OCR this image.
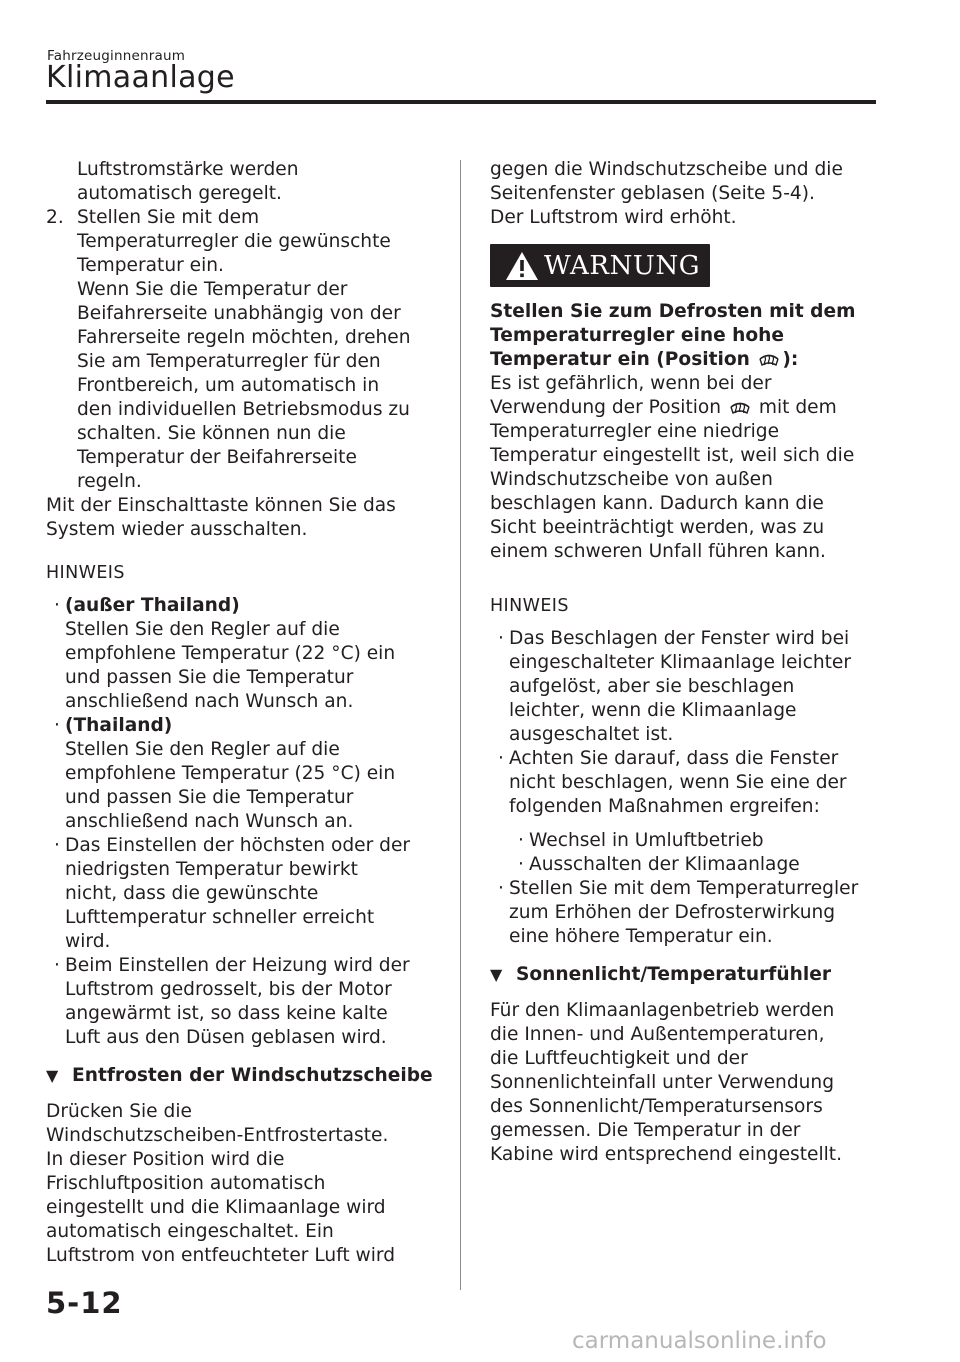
Fahrzeuginnenraum
Klimaanlage

Luftstromstärke werden

automatisch geregelt.

2. Stellen Sie mit dem

Temperaturregler die gewünschte

Temperatur ein.

Wenn Sie die Temperatur der

Beifahrerseite unabhängig von der

Fahrerseite regeln möchten, drehen

Sie am Temperaturregler für den

Frontbereich, um automatisch in

den individuellen Betriebsmodus zu

schalten. Sie können nun die

Temperatur der Beifahrerseite

regeln.

Mit der Einschalttaste können Sie das

System wieder ausschalten.

HINWEIS
· (außer Thailand)

Stellen Sie den Regler auf die

empfohlene Temperatur (22 °C) ein

und passen Sie die Temperatur

anschließend nach Wunsch an.

· (Thailand)

Stellen Sie den Regler auf die

empfohlene Temperatur (25 °C) ein

und passen Sie die Temperatur

anschließend nach Wunsch an.

· Das Einstellen der höchsten oder der

niedrigsten Temperatur bewirkt

nicht, dass die gewünschte

Lufttemperatur schneller erreicht

wird.

· Beim Einstellen der Heizung wird der

Luftstrom gedrosselt, bis der Motor

angewärmt ist, so dass keine kalte

Luft aus den Düsen geblasen wird.

▼ Entfrosten der Windschutzscheibe

Drücken Sie die

Windschutzscheiben-Entfrostertaste.

In dieser Position wird die

Frischluftposition automatisch

eingestellt und die Klimaanlage wird

automatisch eingeschaltet. Ein

Luftstrom von entfeuchteter Luft wird

gegen die Windschutzscheibe und die

Seitenfenster geblasen (Seite 5-4).

Der Luftstrom wird erhöht.

WARNUNG

Stellen Sie zum Defrosten mit dem

Temperaturregler eine hohe

Temperatur ein (Position ):

Es ist gefährlich, wenn bei der

Verwendung der Position  mit dem

Temperaturregler eine niedrige

Temperatur eingestellt ist, weil sich die

Windschutzscheibe von außen

beschlagen kann. Dadurch kann die

Sicht beeinträchtigt werden, was zu

einem schweren Unfall führen kann.

HINWEIS
· Das Beschlagen der Fenster wird bei

eingeschalteter Klimaanlage leichter

aufgelöst, aber sie beschlagen

leichter, wenn die Klimaanlage

ausgeschaltet ist.

· Achten Sie darauf, dass die Fenster

nicht beschlagen, wenn Sie eine der

folgenden Maßnahmen ergreifen:

· Wechsel in Umluftbetrieb
· Ausschalten der Klimaanlage
· Stellen Sie mit dem Temperaturregler

zum Erhöhen der Defrosterwirkung

eine höhere Temperatur ein.

▼ Sonnenlicht/Temperaturfühler

Für den Klimaanlagenbetrieb werden

die Innen- und Außentemperaturen,

die Luftfeuchtigkeit und der

Sonnenlichteinfall unter Verwendung

des Sonnenlicht/Temperatursensors

gemessen. Die Temperatur in der

Kabine wird entsprechend eingestellt.

5-12
carmanualsonline.info
